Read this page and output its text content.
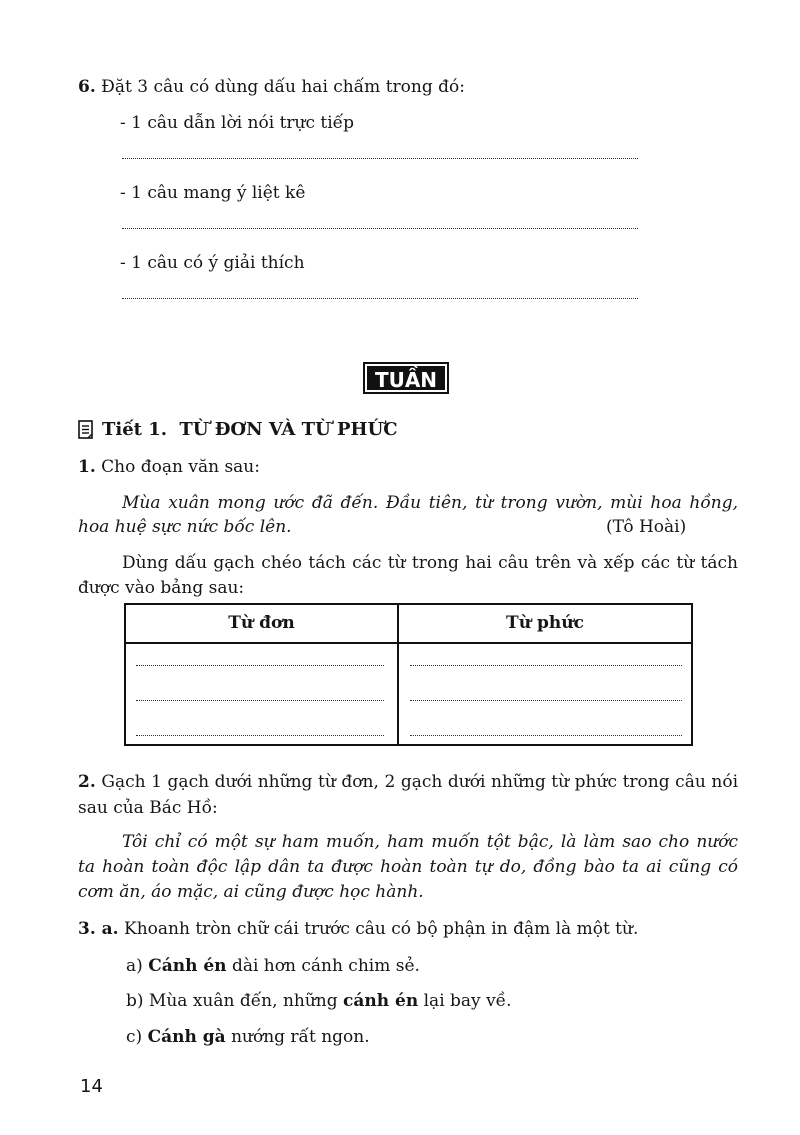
6. Đặt 3 câu có dùng dấu hai chấm trong đó:
- 1 câu dẫn lời nói trực tiếp
- 1 câu mang ý liệt kê
- 1 câu có ý giải thích
TUẦN 3
Tiết 1. TỪ ĐƠN VÀ TỪ PHỨC
1. Cho đoạn văn sau:
Mùa xuân mong ước đã đến. Đầu tiên, từ trong vườn, mùi hoa hồng,
hoa huệ sực nức bốc lên.	(Tô Hoài)
Dùng dấu gạch chéo tách các từ trong hai câu trên và xếp các từ tách
được vào bảng sau:
Từ đơn	Từ phức
2. Gạch 1 gạch dưới những từ đơn, 2 gạch dưới những từ phức trong câu nói
sau của Bác Hồ:
Tôi chỉ có một sự ham muốn, ham muốn tột bậc, là làm sao cho nước
ta hoàn toàn độc lập dân ta được hoàn toàn tự do, đồng bào ta ai cũng có
cơm ăn, áo mặc, ai cũng được học hành.
3. a. Khoanh tròn chữ cái trước câu có bộ phận in đậm là một từ.
a) Cánh én dài hơn cánh chim sẻ.
b) Mùa xuân đến, những cánh én lại bay về.
c) Cánh gà nướng rất ngon.
14
